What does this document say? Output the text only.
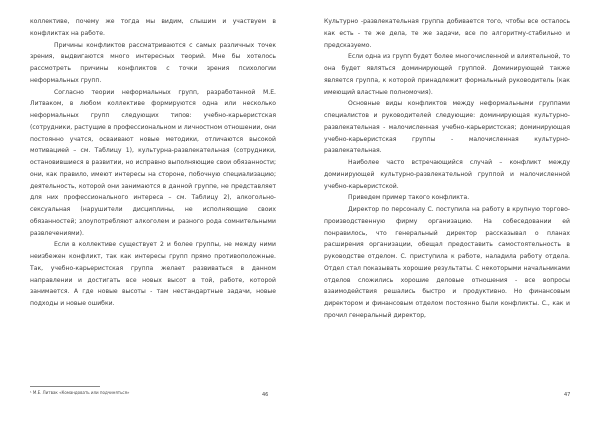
коллективе, почему же тогда мы видим, слышим и участвуем в конфликтах на работе.

Причины конфликтов рассматриваются с самых различных точек зрения, выдвигаются много интересных теорий. Мне бы хотелось рассмотреть причины конфликтов с точки зрения психологии неформальных групп.

Согласно теории неформальных групп, разработанной М.Е. Литваком, в любом коллективе формируются одна или несколько неформальных групп следующих типов: учебно-карьеристская (сотрудники, растущие в профессиональном и личностном отношении, они постоянно учатся, осваивают новые методики, отличаются высокой мотивацией – см. Таблицу 1), культурна-развлекательная (сотрудники, остановившиеся в развитии, но исправно выполняющие свои обязанности; они, как правило, имеют интересы на стороне, побочную специализацию; деятельность, которой они занимаются в данной группе, не представляет для них профессионального интереса – см. Таблицу 2), алкогольно-сексуальная (нарушители дисциплины, не исполняющие своих обязанностей; злоупотребляют алкоголем и разного рода сомнительными развлечениями).

Если в коллективе существует 2 и более группы, не между ними неизбежен конфликт, так как интересы групп прямо противоположные. Так, учебно-карьеристская группа желает развиваться в данном направлении и достигать все новых высот в той, работе, которой занимается. А где новые высоты - там нестандартные задачи, новые подходы и новые ошибки.

¹ М.Е. Литвак «Командовать или подчиняться»	46

Культурно -развлекательная группа добивается того, чтобы все осталось как есть - те же дела, те же задачи, все по алгоритму-стабильно и предсказуемо.

Если одна из групп будет более многочисленной и влиятельной, то она будет являться доминирующей группой. Доминирующей также является группа, к которой принадлежит формальный руководитель (как имеющий властные полномочия).

Основные виды конфликтов между неформальными группами специалистов и руководителей следующие: доминирующая культурно-развлекательная - малочисленная учебно-карьеристская; доминирующая учебно-карьеристская группы - малочисленная культурно-развлекательная.

Наиболее часто встречающийся случай – конфликт между доминирующей культурно-развлекательной группой и малочисленной учебно-карьеристской.

Приведем пример такого конфликта.

Директор по персоналу С. поступила на работу в крупную торгово-производственную фирму организацию. На собеседовании ей понравилось, что генеральный директор рассказывал о планах расширения организации, обещал предоставить самостоятельность в руководстве отделом. С. приступила к работе, наладила работу отдела. Отдел стал показывать хорошие результаты. С некоторыми начальниками отделов сложились хорошие деловые отношения - все вопросы взаимодействия решались быстро и продуктивно. Но финансовым директором и финансовым отделом постоянно были конфликты. С., как и прочил генеральный директор,

47
